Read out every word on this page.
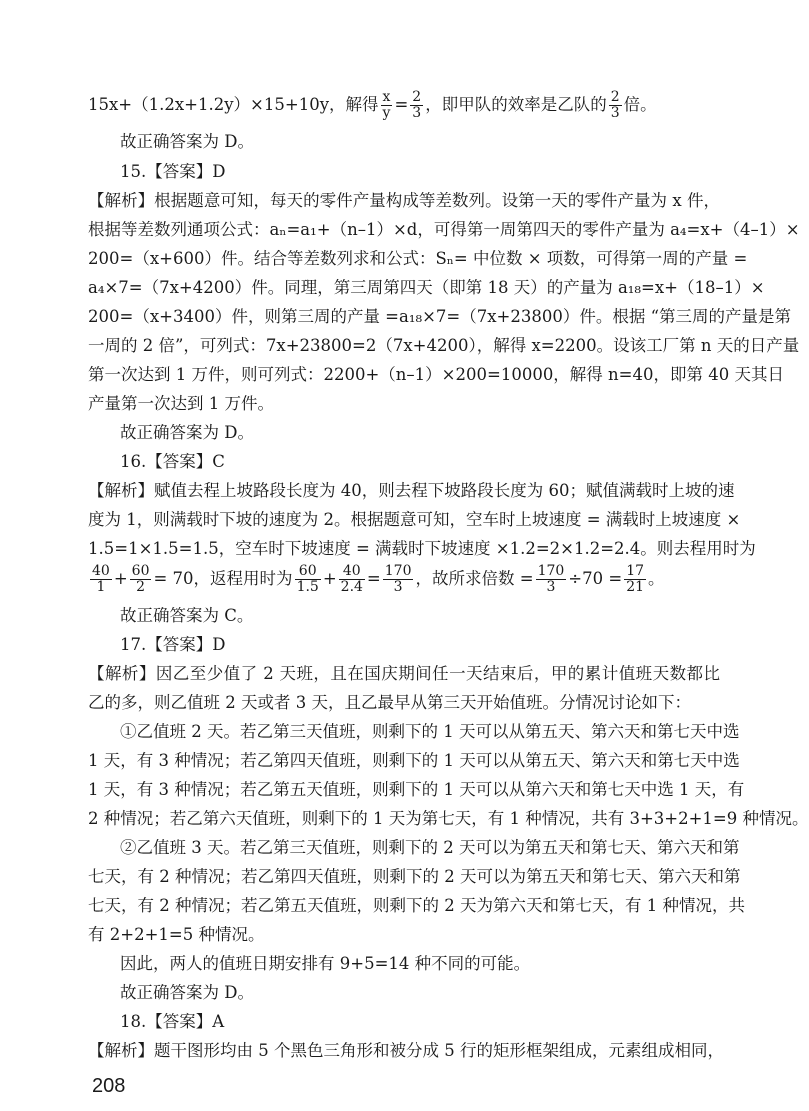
15x+（1.2x+1.2y）×15+10y，解得 $\frac{x}{y} = \frac{2}{3}$ ，即甲队的效率是乙队的 $\frac{2}{3}$ 倍。
故正确答案为 D。
15.【答案】D
【解析】根据题意可知，每天的零件产量构成等差数列。设第一天的零件产量为 x 件，
根据等差数列通项公式：aₙ=a₁+（n–1）×d，可得第一周第四天的零件产量为 a₄=x+（4–1）×
200=（x+600）件。结合等差数列求和公式：Sₙ= 中位数 × 项数，可得第一周的产量 =
a₄×7=（7x+4200）件。同理，第三周第四天（即第 18 天）的产量为 a₁₈=x+（18–1）×
200=（x+3400）件，则第三周的产量 =a₁₈×7=（7x+23800）件。根据 “第三周的产量是第
一周的 2 倍”，可列式：7x+23800=2（7x+4200），解得 x=2200。设该工厂第 n 天的日产量
第一次达到 1 万件，则可列式：2200+（n–1）×200=10000，解得 n=40，即第 40 天其日
产量第一次达到 1 万件。
故正确答案为 D。
16.【答案】C
【解析】赋值去程上坡路段长度为 40，则去程下坡路段长度为 60；赋值满载时上坡的速
度为 1，则满载时下坡的速度为 2。根据题意可知，空车时上坡速度 = 满载时上坡速度 ×
1.5=1×1.5=1.5，空车时下坡速度 = 满载时下坡速度 ×1.2=2×1.2=2.4。则去程用时为
$\frac{40}{1} + \frac{60}{2} = 70$，返程用时为 $\frac{60}{1.5} + \frac{40}{2.4} = \frac{170}{3}$ ，故所求倍数 = $\frac{170}{3} \div 70 = \frac{17}{21}$ 。
故正确答案为 C。
17.【答案】D
【解析】因乙至少值了 2 天班，且在国庆期间任一天结束后，甲的累计值班天数都比
乙的多，则乙值班 2 天或者 3 天，且乙最早从第三天开始值班。分情况讨论如下：
①乙值班 2 天。若乙第三天值班，则剩下的 1 天可以从第五天、第六天和第七天中选
1 天，有 3 种情况；若乙第四天值班，则剩下的 1 天可以从第五天、第六天和第七天中选
1 天，有 3 种情况；若乙第五天值班，则剩下的 1 天可以从第六天和第七天中选 1 天，有
2 种情况；若乙第六天值班，则剩下的 1 天为第七天，有 1 种情况，共有 3+3+2+1=9 种情况。
②乙值班 3 天。若乙第三天值班，则剩下的 2 天可以为第五天和第七天、第六天和第
七天，有 2 种情况；若乙第四天值班，则剩下的 2 天可以为第五天和第七天、第六天和第
七天，有 2 种情况；若乙第五天值班，则剩下的 2 天为第六天和第七天，有 1 种情况，共
有 2+2+1=5 种情况。
因此，两人的值班日期安排有 9+5=14 种不同的可能。
故正确答案为 D。
18.【答案】A
【解析】题干图形均由 5 个黑色三角形和被分成 5 行的矩形框架组成，元素组成相同，
208
